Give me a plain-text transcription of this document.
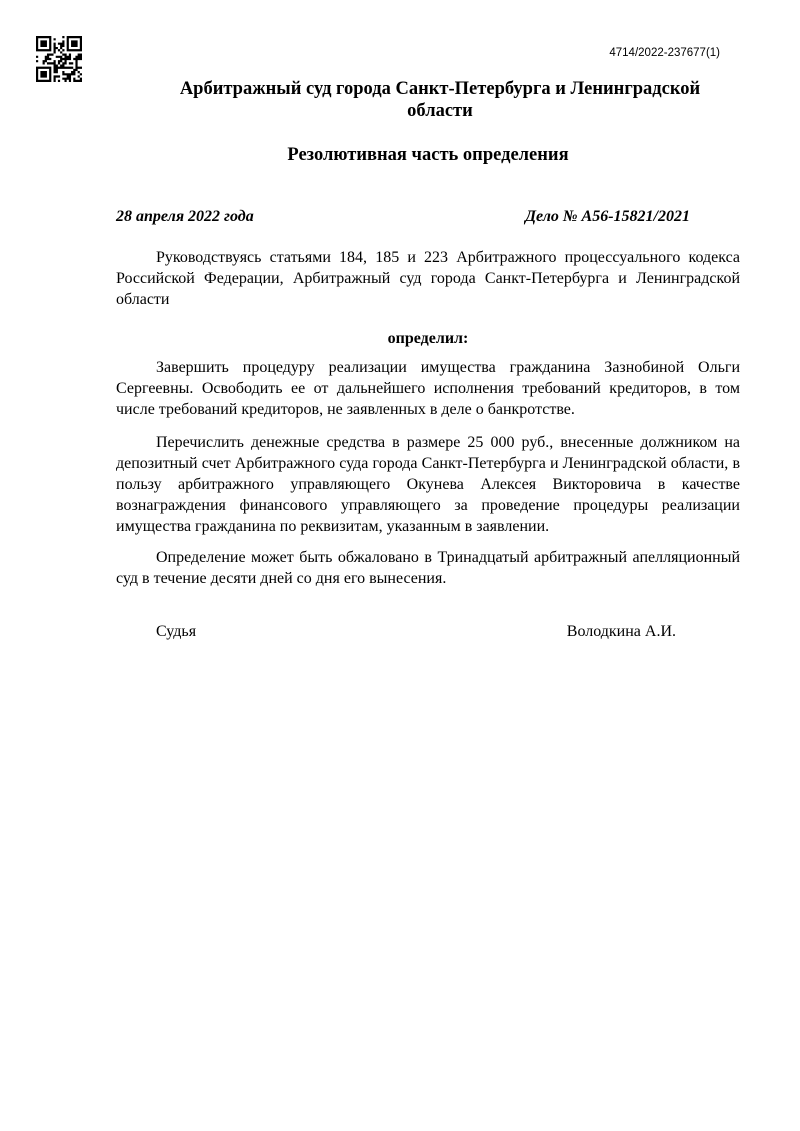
4714/2022-237677(1)
Арбитражный суд города Санкт-Петербурга и Ленинградской области
Резолютивная часть определения
28 апреля 2022 года	Дело № А56-15821/2021

Руководствуясь статьями 184, 185 и 223 Арбитражного процессуального кодекса Российской Федерации, Арбитражный суд города Санкт-Петербурга и Ленинградской области

определил:

Завершить процедуру реализации имущества гражданина Зазнобиной Ольги Сергеевны. Освободить ее от дальнейшего исполнения требований кредиторов, в том числе требований кредиторов, не заявленных в деле о банкротстве.

Перечислить денежные средства в размере 25 000 руб., внесенные должником на депозитный счет Арбитражного суда города Санкт-Петербурга и Ленинградской области, в пользу арбитражного управляющего Окунева Алексея Викторовича в качестве вознаграждения финансового управляющего за проведение процедуры реализации имущества гражданина по реквизитам, указанным в заявлении.

Определение может быть обжаловано в Тринадцатый арбитражный апелляционный суд в течение десяти дней со дня его вынесения.

Судья	Володкина А.И.
